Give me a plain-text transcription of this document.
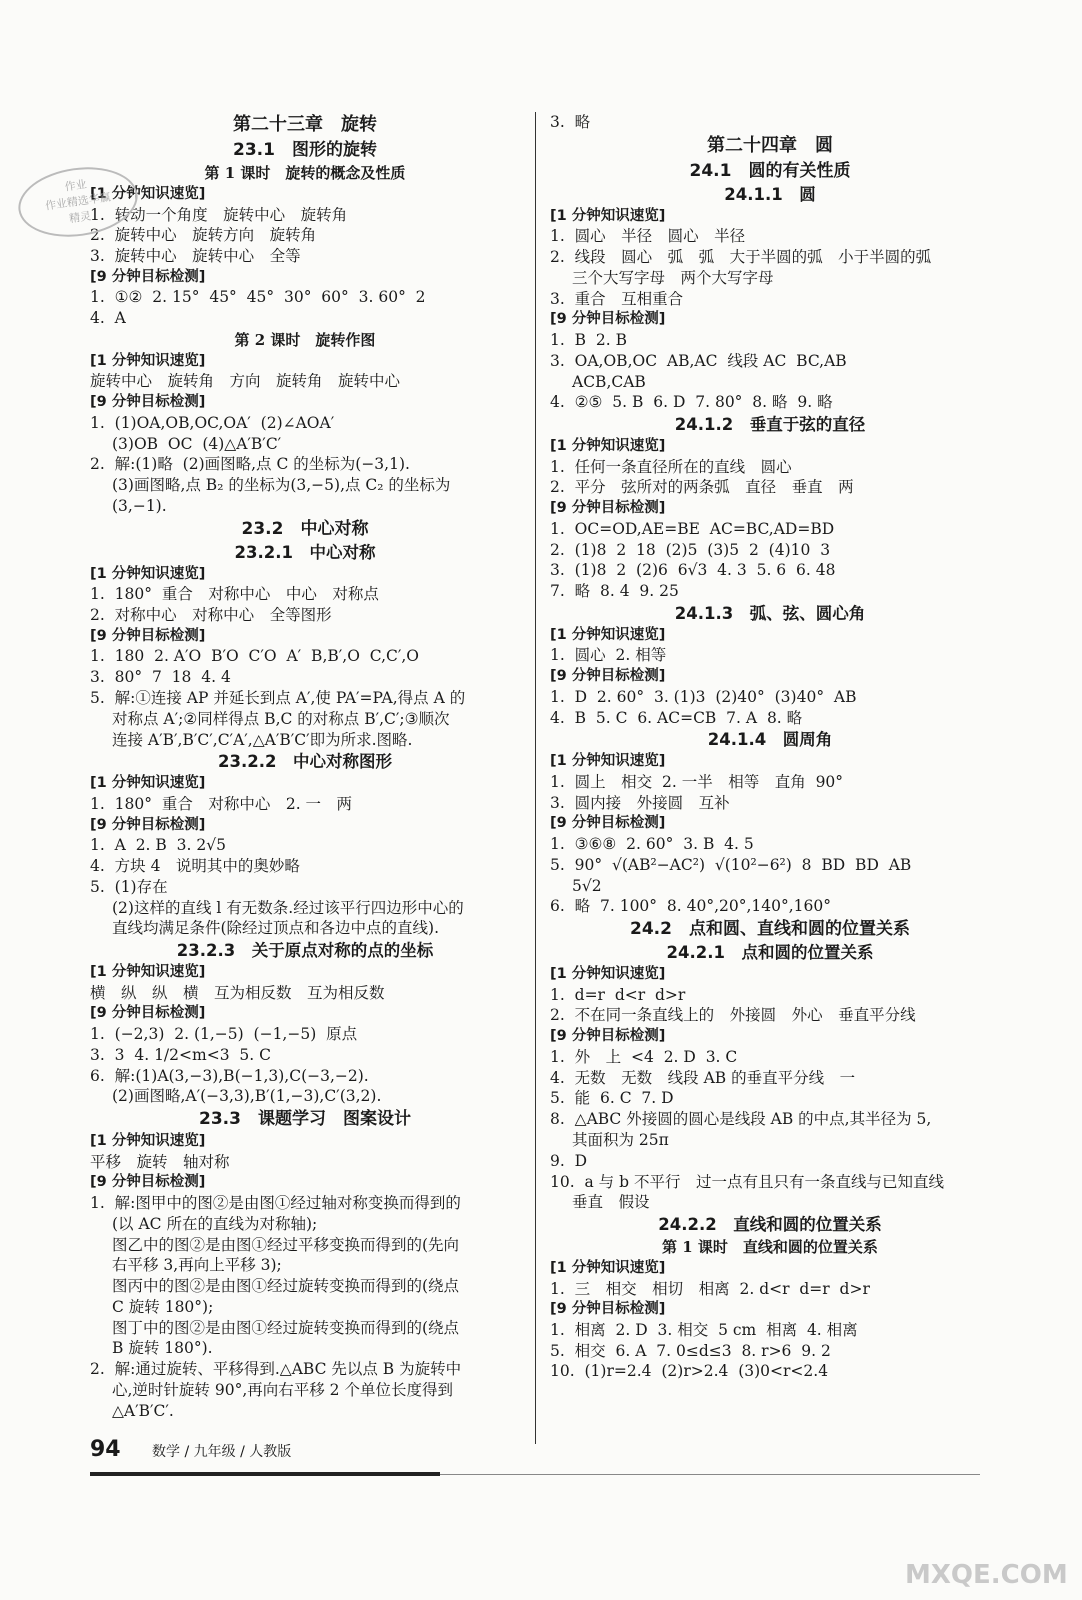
第二十三章　旋转
23.1　图形的旋转
第 1 课时　旋转的概念及性质
[1 分钟知识速览]
1.  转动一个角度　旋转中心　旋转角
2.  旋转中心　旋转方向　旋转角
3.  旋转中心　旋转中心　全等
[9 分钟目标检测]
1.  ①②  2. 15°  45°  45°  30°  60°  3. 60°  2
4.  A
第 2 课时　旋转作图
[1 分钟知识速览]
旋转中心　旋转角　方向　旋转角　旋转中心
[9 分钟目标检测]
1.  (1)OA,OB,OC,OA′  (2)∠AOA′
(3)OB  OC  (4)△A′B′C′
2.  解:(1)略  (2)画图略,点 C 的坐标为(−3,1).
(3)画图略,点 B₂ 的坐标为(3,−5),点 C₂ 的坐标为
(3,−1).
23.2　中心对称
23.2.1　中心对称
[1 分钟知识速览]
1.  180°  重合　对称中心　中心　对称点
2.  对称中心　对称中心　全等图形
[9 分钟目标检测]
1.  180  2. A′O  B′O  C′O  A′  B,B′,O  C,C′,O
3.  80°  7  18  4. 4
5.  解:①连接 AP 并延长到点 A′,使 PA′=PA,得点 A 的
对称点 A′;②同样得点 B,C 的对称点 B′,C′;③顺次
连接 A′B′,B′C′,C′A′,△A′B′C′即为所求.图略.
23.2.2　中心对称图形
[1 分钟知识速览]
1.  180°  重合　对称中心　2. 一　两
[9 分钟目标检测]
1.  A  2. B  3. 2√5
4.  方块 4　说明其中的奥妙略
5.  (1)存在
(2)这样的直线 l 有无数条.经过该平行四边形中心的
直线均满足条件(除经过顶点和各边中点的直线).
23.2.3　关于原点对称的点的坐标
[1 分钟知识速览]
横　纵　纵　横　互为相反数　互为相反数
[9 分钟目标检测]
1.  (−2,3)  2. (1,−5)  (−1,−5)  原点
3.  3  4. 1/2<m<3  5. C
6.  解:(1)A(3,−3),B(−1,3),C(−3,−2).
(2)画图略,A′(−3,3),B′(1,−3),C′(3,2).
23.3　课题学习　图案设计
[1 分钟知识速览]
平移　旋转　轴对称
[9 分钟目标检测]
1.  解:图甲中的图②是由图①经过轴对称变换而得到的
(以 AC 所在的直线为对称轴);
图乙中的图②是由图①经过平移变换而得到的(先向
右平移 3,再向上平移 3);
图丙中的图②是由图①经过旋转变换而得到的(绕点
C 旋转 180°);
图丁中的图②是由图①经过旋转变换而得到的(绕点
B 旋转 180°).
2.  解:通过旋转、平移得到.△ABC 先以点 B 为旋转中
心,逆时针旋转 90°,再向右平移 2 个单位长度得到
△A′B′C′.
3.  略
第二十四章　圆
24.1　圆的有关性质
24.1.1　圆
[1 分钟知识速览]
1.  圆心　半径　圆心　半径
2.  线段　圆心　弧　弧　大于半圆的弧　小于半圆的弧
三个大写字母　两个大写字母
3.  重合　互相重合
[9 分钟目标检测]
1.  B  2. B
3.  OA,OB,OC  AB,AC  线段 AC  BC,AB
ACB,CAB
4.  ②⑤  5. B  6. D  7. 80°  8. 略  9. 略
24.1.2　垂直于弦的直径
[1 分钟知识速览]
1.  任何一条直径所在的直线　圆心
2.  平分　弦所对的两条弧　直径　垂直　两
[9 分钟目标检测]
1.  OC=OD,AE=BE  AC=BC,AD=BD
2.  (1)8  2  18  (2)5  (3)5  2  (4)10  3
3.  (1)8  2  (2)6  6√3  4. 3  5. 6  6. 48
7.  略  8. 4  9. 25
24.1.3　弧、弦、圆心角
[1 分钟知识速览]
1.  圆心  2. 相等
[9 分钟目标检测]
1.  D  2. 60°  3. (1)3  (2)40°  (3)40°  AB
4.  B  5. C  6. AC=CB  7. A  8. 略
24.1.4　圆周角
[1 分钟知识速览]
1.  圆上　相交  2. 一半　相等　直角  90°
3.  圆内接　外接圆　互补
[9 分钟目标检测]
1.  ③⑥⑧  2. 60°  3. B  4. 5
5.  90°  √(AB²−AC²)  √(10²−6²)  8  BD  BD  AB
5√2
6.  略  7. 100°  8. 40°,20°,140°,160°
24.2　点和圆、直线和圆的位置关系
24.2.1　点和圆的位置关系
[1 分钟知识速览]
1.  d=r  d<r  d>r
2.  不在同一条直线上的　外接圆　外心　垂直平分线
[9 分钟目标检测]
1.  外　上  <4  2. D  3. C
4.  无数　无数　线段 AB 的垂直平分线　一
5.  能  6. C  7. D
8.  △ABC 外接圆的圆心是线段 AB 的中点,其半径为 5,
其面积为 25π
9.  D
10.  a 与 b 不平行　过一点有且只有一条直线与已知直线
垂直　假设
24.2.2　直线和圆的位置关系
第 1 课时　直线和圆的位置关系
[1 分钟知识速览]
1.  三　相交　相切　相离  2. d<r  d=r  d>r
[9 分钟目标检测]
1.  相离  2. D  3. 相交  5 cm  相离  4. 相离
5.  相交  6. A  7. 0≤d≤3  8. r>6  9. 2
10.  (1)r=2.4  (2)r>2.4  (3)0<r<2.4
作业
作业精选华赢
精灵
94 数学 / 九年级 / 人教版
MXQE.COM
